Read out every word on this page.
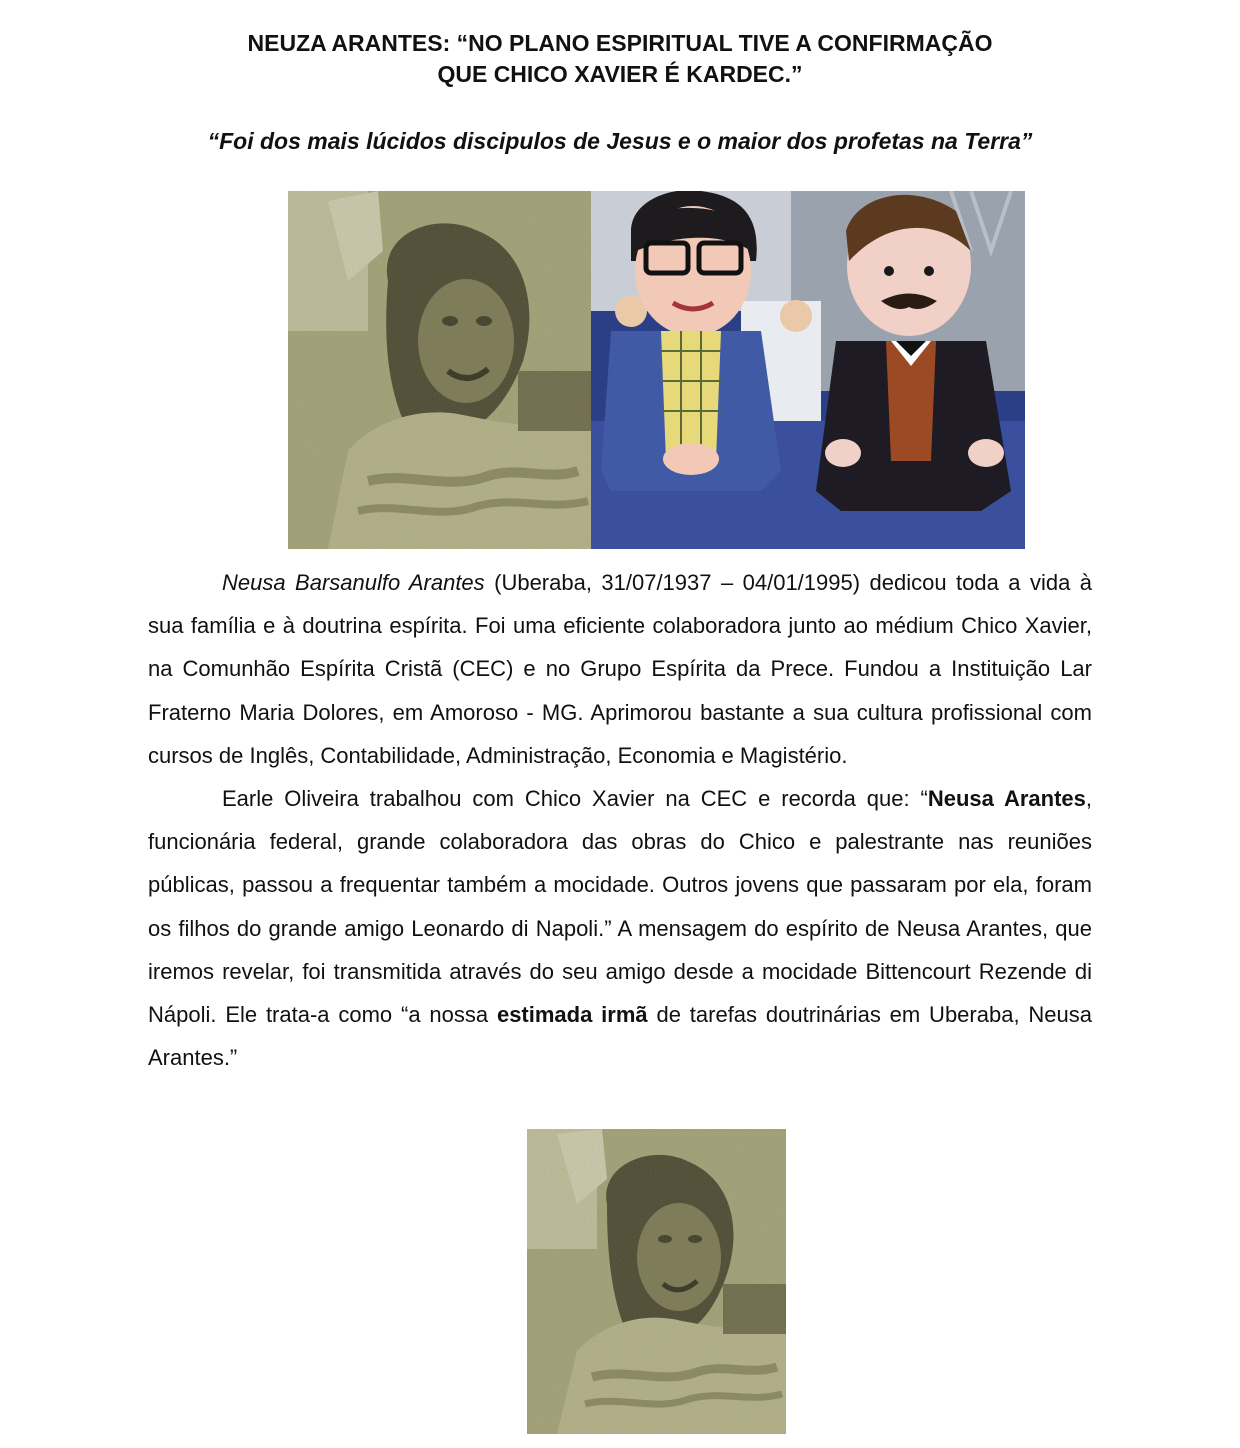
NEUZA ARANTES: “NO PLANO ESPIRITUAL TIVE A CONFIRMAÇÃO
QUE CHICO XAVIER É KARDEC.”

“Foi dos mais lúcidos discipulos de Jesus e o maior dos profetas na Terra”

Neusa Barsanulfo Arantes (Uberaba, 31/07/1937 – 04/01/1995) dedicou toda a vida à sua família e à doutrina espírita. Foi uma eficiente colaboradora junto ao médium Chico Xavier, na Comunhão Espírita Cristã (CEC) e no Grupo Espírita da Prece. Fundou a Instituição Lar Fraterno Maria Dolores, em Amoroso - MG. Aprimorou bastante a sua cultura profissional com cursos de Inglês, Contabilidade, Administração, Economia e Magistério.

Earle Oliveira trabalhou com Chico Xavier na CEC e recorda que: “Neusa Arantes, funcionária federal, grande colaboradora das obras do Chico e palestrante nas reuniões públicas, passou a frequentar também a mocidade. Outros jovens que passaram por ela, foram os filhos do grande amigo Leonardo di Napoli.” A mensagem do espírito de Neusa Arantes, que iremos revelar, foi transmitida através do seu amigo desde a mocidade Bittencourt Rezende di Nápoli. Ele trata-a como “a nossa estimada irmã de tarefas doutrinárias em Uberaba, Neusa Arantes.”
